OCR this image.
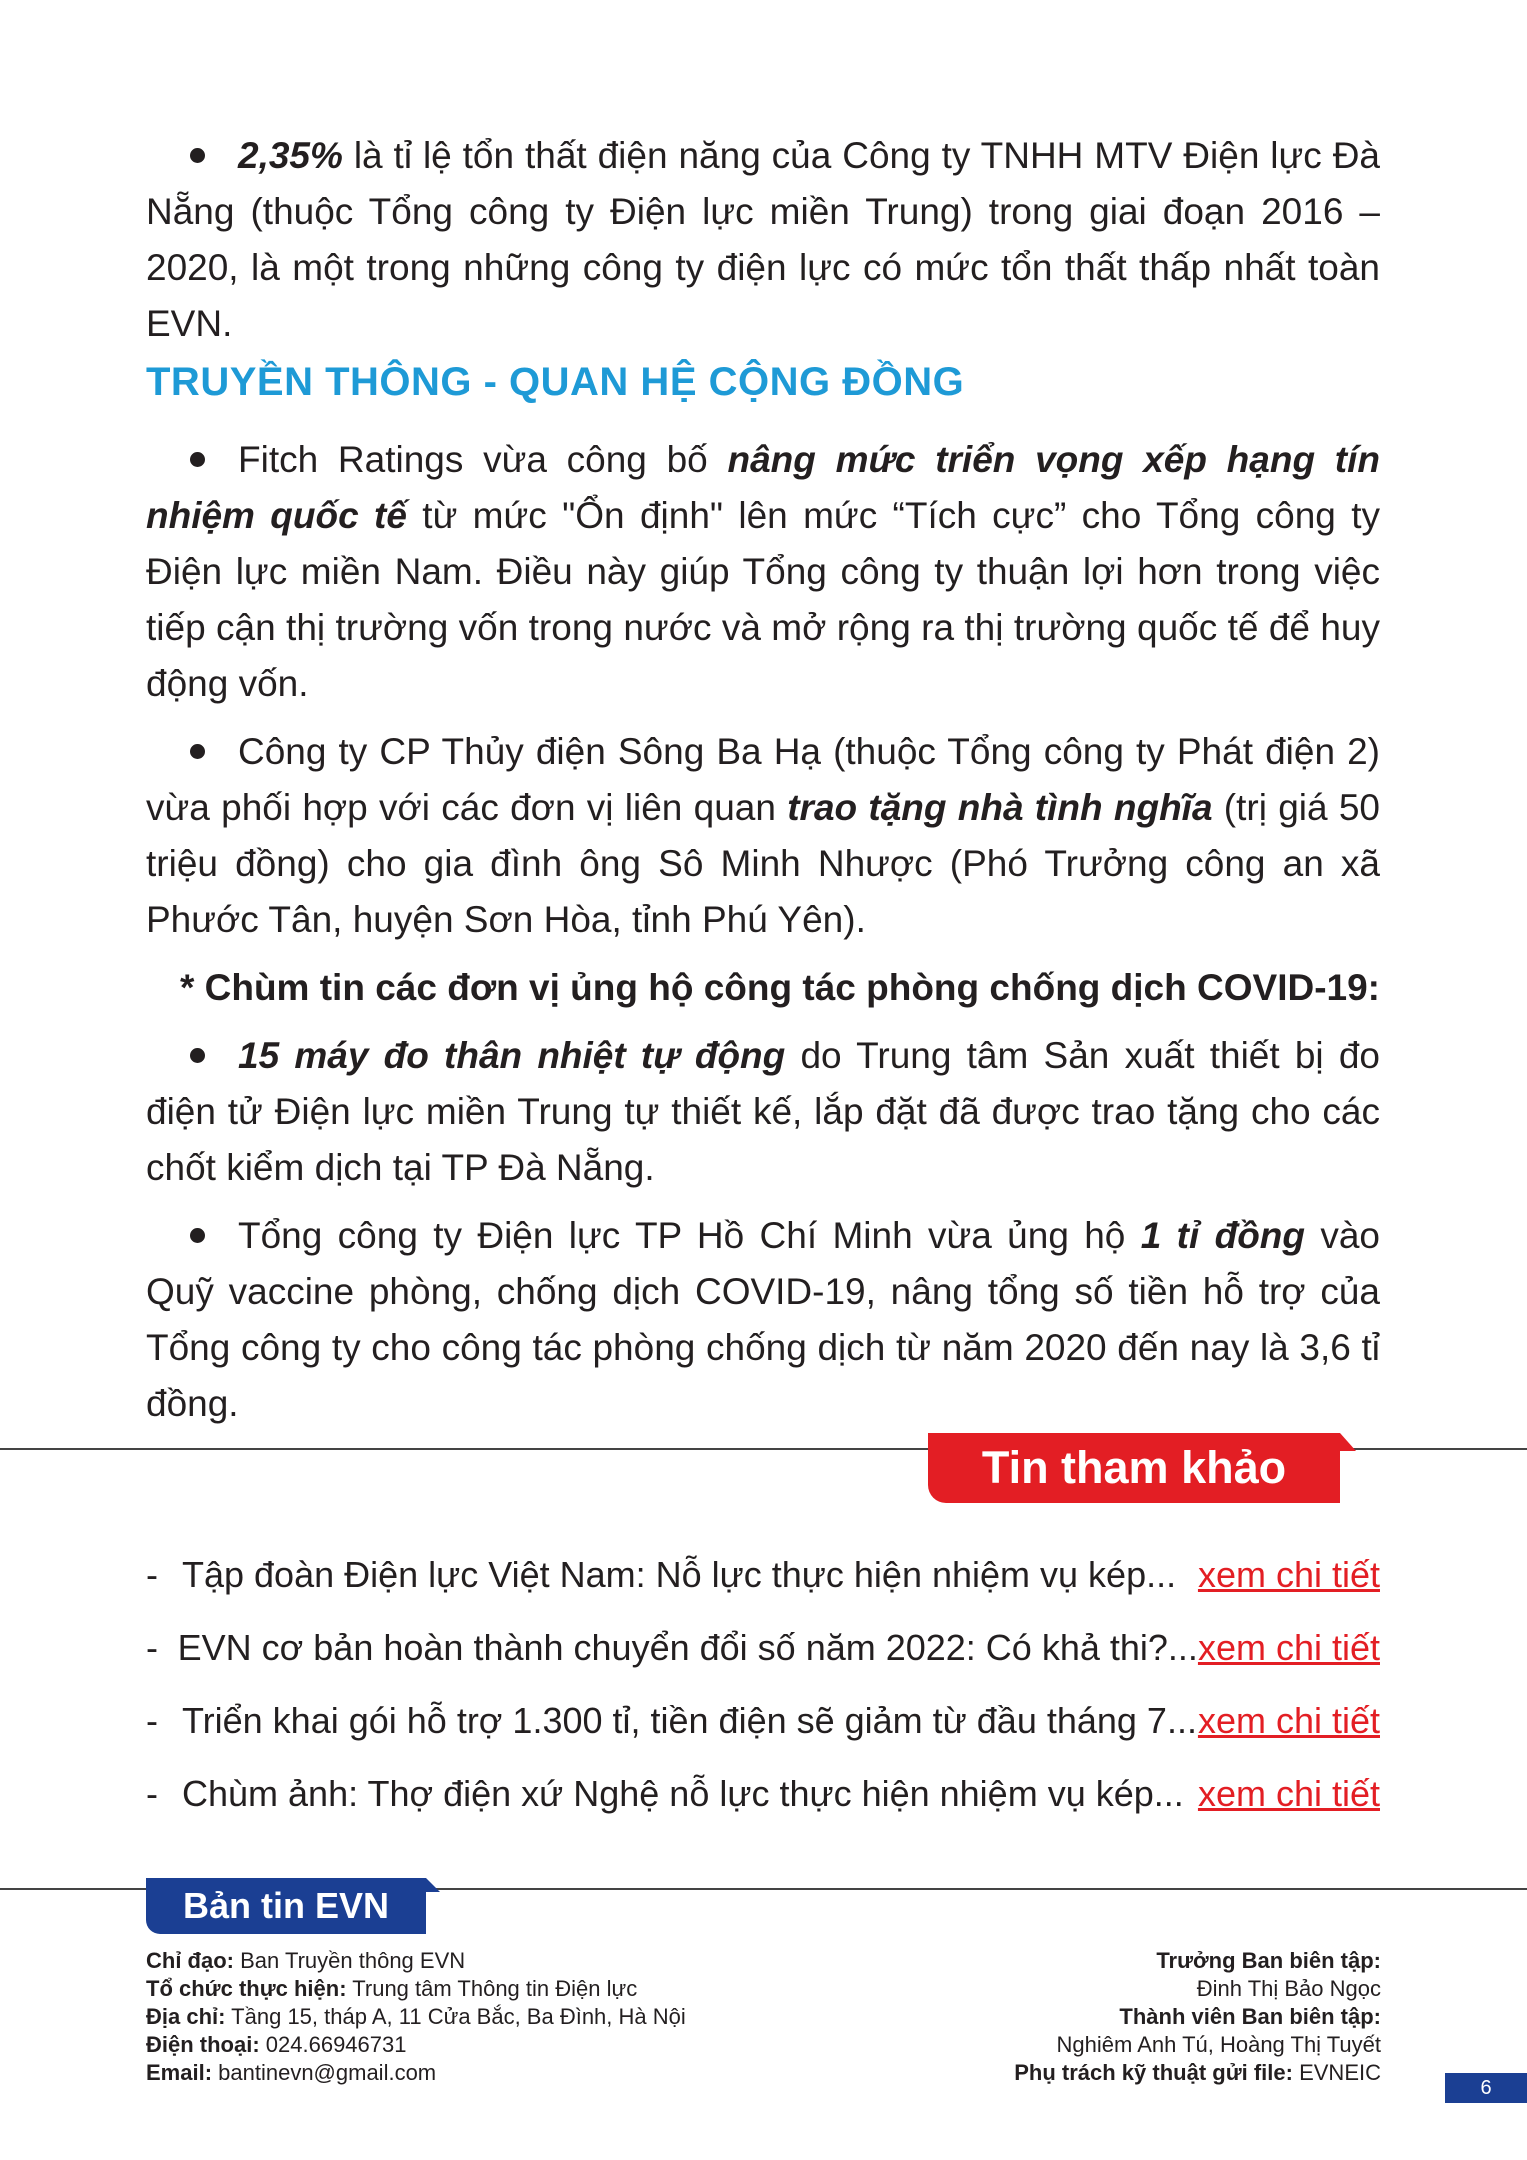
2,35% là tỉ lệ tổn thất điện năng của Công ty TNHH MTV Điện lực Đà Nẵng (thuộc Tổng công ty Điện lực miền Trung) trong giai đoạn 2016 – 2020, là một trong những công ty điện lực có mức tổn thất thấp nhất toàn EVN.

TRUYỀN THÔNG - QUAN HỆ CỘNG ĐỒNG

Fitch Ratings vừa công bố nâng mức triển vọng xếp hạng tín nhiệm quốc tế từ mức "Ổn định" lên mức “Tích cực” cho Tổng công ty Điện lực miền Nam. Điều này giúp Tổng công ty thuận lợi hơn trong việc tiếp cận thị trường vốn trong nước và mở rộng ra thị trường quốc tế để huy động vốn.

Công ty CP Thủy điện Sông Ba Hạ (thuộc Tổng công ty Phát điện 2) vừa phối hợp với các đơn vị liên quan trao tặng nhà tình nghĩa (trị giá 50 triệu đồng) cho gia đình ông Sô Minh Nhược (Phó Trưởng công an xã Phước Tân, huyện Sơn Hòa, tỉnh Phú Yên).

* Chùm tin các đơn vị ủng hộ công tác phòng chống dịch COVID-19:

15 máy đo thân nhiệt tự động do Trung tâm Sản xuất thiết bị đo điện tử Điện lực miền Trung tự thiết kế, lắp đặt đã được trao tặng cho các chốt kiểm dịch tại TP Đà Nẵng.

Tổng công ty Điện lực TP Hồ Chí Minh vừa ủng hộ 1 tỉ đồng vào Quỹ vaccine phòng, chống dịch COVID-19, nâng tổng số tiền hỗ trợ của Tổng công ty cho công tác phòng chống dịch từ năm 2020 đến nay là 3,6 tỉ đồng.

Tin tham khảo
- Tập đoàn Điện lực Việt Nam: Nỗ lực thực hiện nhiệm vụ kép... xem chi tiết
- EVN cơ bản hoàn thành chuyển đổi số năm 2022: Có khả thi?... xem chi tiết
- Triển khai gói hỗ trợ 1.300 tỉ, tiền điện sẽ giảm từ đầu tháng 7... xem chi tiết
- Chùm ảnh: Thợ điện xứ Nghệ nỗ lực thực hiện nhiệm vụ kép... xem chi tiết
Bản tin EVN
Chỉ đạo: Ban Truyền thông EVN
Tổ chức thực hiện: Trung tâm Thông tin Điện lực
Địa chỉ: Tầng 15, tháp A, 11 Cửa Bắc, Ba Đình, Hà Nội
Điện thoại: 024.66946731
Email: bantinevn@gmail.com
Trưởng Ban biên tập:
Đinh Thị Bảo Ngọc
Thành viên Ban biên tập:
Nghiêm Anh Tú, Hoàng Thị Tuyết
Phụ trách kỹ thuật gửi file: EVNEIC
6
